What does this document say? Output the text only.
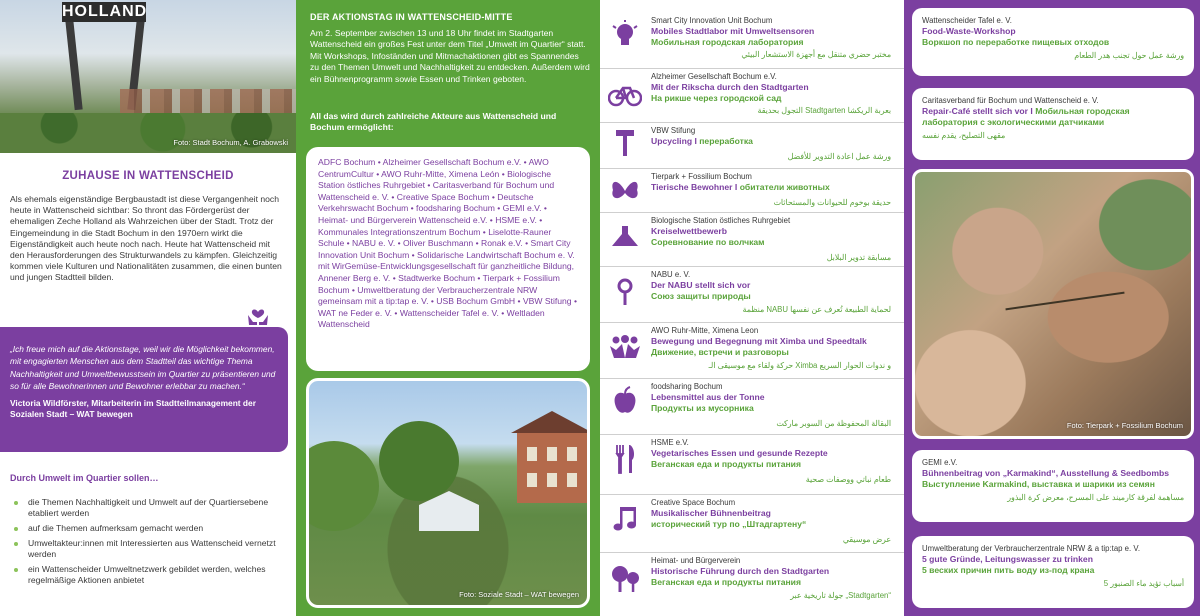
HOLLAND
Foto: Stadt Bochum, A. Grabowski
ZUHAUSE IN WATTENSCHEID

Als ehemals eigenständige Bergbaustadt ist diese Vergangenheit noch heute in Wattenscheid sichtbar: So thront das Fördergerüst der ehemaligen Zeche Holland als Wahrzeichen über der Stadt. Trotz der Eingemeindung in die Stadt Bochum in den 1970ern wirkt die Eigenständigkeit auch heute noch nach. Heute hat Wattenscheid mit den Herausforderungen des Strukturwandels zu kämpfen. Gleichzeitig kommen viele Kulturen und Nationalitäten zusammen, die einen bunten und jungen Stadtteil bilden.

„Ich freue mich auf die Aktionstage, weil wir die Möglichkeit bekommen, mit engagierten Menschen aus dem Stadtteil das wichtige Thema Nachhaltigkeit und Umweltbewusstsein im Quartier zu präsentieren und so für alle Bewohnerinnen und Bewohner erlebbar zu machen.“

Victoria Wildförster, Mitarbeiterin im Stadtteilmanagement der Sozialen Stadt – WAT bewegen

Durch Umwelt im Quartier sollen…
die Themen Nachhaltigkeit und Umwelt auf der Quartiersebene etabliert werden
auf die Themen aufmerksam gemacht werden
Umweltakteur:innen mit Interessierten aus Wattenscheid vernetzt werden
ein Wattenscheider Umweltnetzwerk gebildet werden, welches regelmäßige Aktionen anbietet
DER AKTIONSTAG IN WATTENSCHEID-MITTE

Am 2. September zwischen 13 und 18 Uhr findet im Stadtgarten Wattenscheid ein großes Fest unter dem Titel „Umwelt im Quartier“ statt. Mit Workshops, Infoständen und Mitmachaktionen gibt es Spannendes zu den Themen Umwelt und Nachhaltigkeit zu entdecken. Außerdem wird ein Bühnenprogramm sowie Essen und Trinken geboten.

All das wird durch zahlreiche Akteure aus Wattenscheid und Bochum ermöglicht:

ADFC Bochum • Alzheimer Gesellschaft Bochum e.V. • AWO CentrumCultur • AWO Ruhr-Mitte, Ximena León • Biologische Station östliches Ruhrgebiet • Caritasverband für Bochum und Wattenscheid e. V. • Creative Space Bochum • Deutsche Verkehrswacht Bochum • foodsharing Bochum • GEMI e.V. • Heimat- und Bürgerverein Wattenscheid e.V. • HSME e.V. • Kommunales Integrationszentrum Bochum • Liselotte-Rauner Schule • NABU e. V. • Oliver Buschmann • Ronak e.V. • Smart City Innovation Unit Bochum • Solidarische Landwirtschaft Bochum e. V. mit WirGemüse-Entwicklungsgesellschaft für ganzheitliche Bildung, Annener Berg e. V. • Stadtwerke Bochum • Tierpark + Fossilium Bochum • Umweltberatung der Verbraucherzentrale NRW gemeinsam mit a tip:tap e. V. • USB Bochum GmbH • VBW Stifung • WAT ne Feder e. V. • Wattenscheider Tafel e. V. • Weltladen Wattenscheid

Foto: Soziale Stadt – WAT bewegen
Smart City Innovation Unit Bochum
Mobiles Stadtlabor mit Umweltsensoren
Мобильная городская лаборатория
مختبر حضري متنقل مع أجهزة الاستشعار البيئي
Alzheimer Gesellschaft Bochum e.V.
Mit der Rikscha durch den Stadtgarten
На рикше через городской сад
التجول بحديقة Stadtgarten بعربة الريكشا
VBW Stifung
Upcycling I переработка
ورشة عمل اعادة التدوير للأفضل
Tierpark + Fossilium Bochum
Tierische Bewohner I обитатели животных
حديقة بوخوم للحيوانات والمستحاثات
Biologische Station östliches Ruhrgebiet
Kreiselwettbewerb
Соревнование по волчкам
مسابقة تدوير البلابل
NABU e. V.
Der NABU stellt sich vor
Союз защиты природы
منظمة NABU لحماية الطبيعة تُعرف عن نفسها
AWO Ruhr-Mitte, Ximena Leon
Bewegung und Begegnung mit Ximba und Speedtalk
Движение, встречи и разговоры
حركة ولقاء مع موسيقى الـ Ximba و ندوات الحوار السريع
foodsharing Bochum
Lebensmittel aus der Tonne
Продукты из мусорника
البقالة المحفوظة من السوبر ماركت
HSME e.V.
Vegetarisches Essen und gesunde Rezepte
Веганская еда и продукты питания
طعام نباتي ووصفات صحية
Creative Space Bochum
Musikalischer Bühnenbeitrag
исторический тур по „Штадгартену“
عرض موسيقي
Heimat- und Bürgerverein
Historische Führung durch den Stadtgarten
Веганская еда и продукты питания
جولة تاريخية عبر „Stadtgarten“
Wattenscheider Tafel e. V.
Food-Waste-Workshop
Воркшоп по переработке пищевых отходов
ورشة عمل حول تجنب هدر الطعام
Caritasverband für Bochum und Wattenscheid e. V.
Repair-Café stellt sich vor I Мобильная городская лаборатория с экологическими датчиками
مقهى التصليح، يقدم نفسه
Foto: Tierpark + Fossilium Bochum
GEMI e.V.
Bühnenbeitrag von „Karmakind“, Ausstellung & Seedbombs
Выступление Karmakind, выставка и шарики из семян
مساهمة لفرقة كارميند على المسرح، معرض كرة البذور
Umweltberatung der Verbraucherzentrale NRW & a tip:tap e. V.
5 gute Gründe, Leitungswasser zu trinken
5 веских причин пить воду из-под крана
5 أسباب تؤيد ماء الصنبور
